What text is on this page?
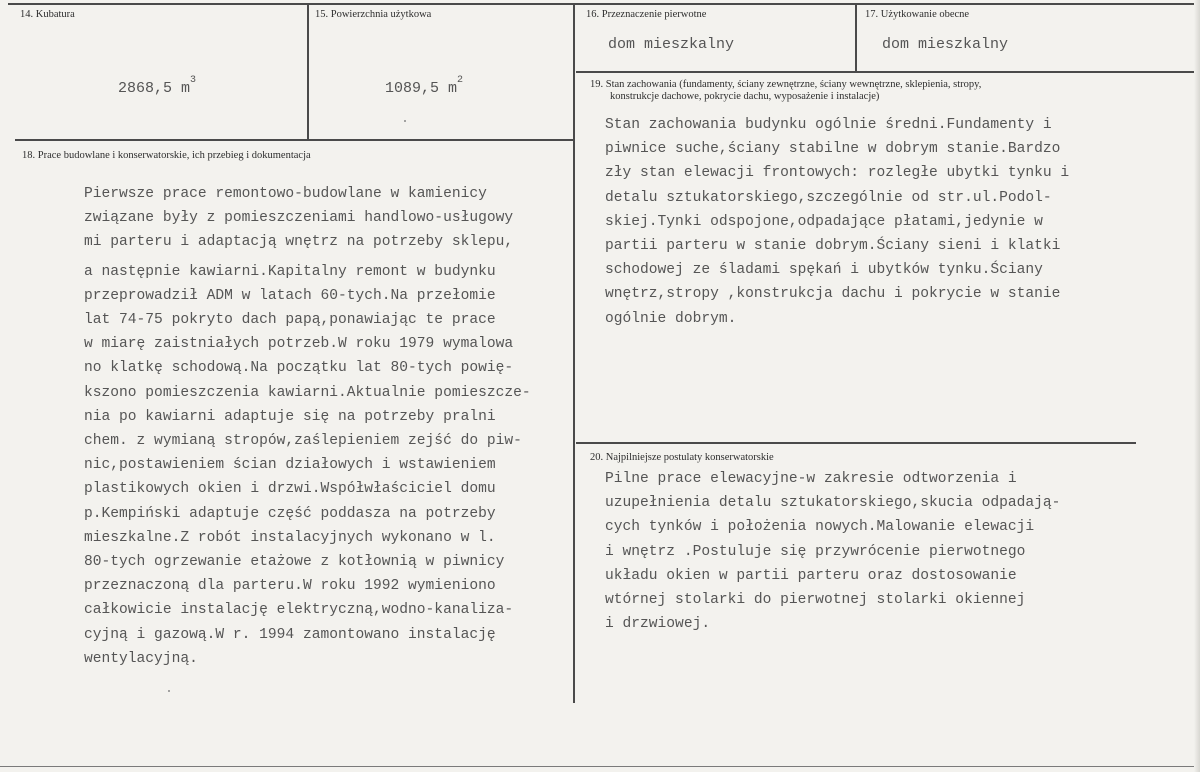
14. Kubatura
2868,5 $m^3$
15. Powierzchnia użytkowa
1089,5 $m^2$
16. Przeznaczenie pierwotne
dom mieszkalny
17. Użytkowanie obecne
dom mieszkalny
18. Prace budowlane i konserwatorskie, ich przebieg i dokumentacja
Pierwsze prace remontowo-budowlane w kamienicy
związane były z pomieszczeniami handlowo-usługowy
mi parteru i adaptacją wnętrz na potrzeby sklepu,
a następnie kawiarni.Kapitalny remont w budynku
przeprowadził ADM w latach 60-tych.Na przełomie
lat 74-75 pokryto dach papą,ponawiając te prace
w miarę zaistniałych potrzeb.W roku 1979 wymalowa
no klatkę schodową.Na początku lat 80-tych powię-
kszono pomieszczenia kawiarni.Aktualnie pomieszcze-
nia po kawiarni adaptuje się na potrzeby pralni
chem. z wymianą stropów,zaślepieniem zejść do piw-
nic,postawieniem ścian działowych i wstawieniem
plastikowych okien i drzwi.Współwłaściciel domu
p.Kempiński adaptuje część poddasza na potrzeby
mieszkalne.Z robót instalacyjnych wykonano w l.
80-tych ogrzewanie etażowe z kotłownią w piwnicy
przeznaczoną dla parteru.W roku 1992 wymieniono
całkowicie instalację elektryczną,wodno-kanaliza-
cyjną i gazową.W r. 1994 zamontowano instalację
wentylacyjną.
19. Stan zachowania (fundamenty, ściany zewnętrzne, ściany wewnętrzne, sklepienia, stropy,
konstrukcje dachowe, pokrycie dachu, wyposażenie i instalacje)
Stan zachowania budynku ogólnie średni.Fundamenty i
piwnice suche,ściany stabilne w dobrym stanie.Bardzo
zły stan elewacji frontowych: rozległe ubytki tynku i
detalu sztukatorskiego,szczególnie od str.ul.Podol-
skiej.Tynki odspojone,odpadające płatami,jedynie w
partii parteru w stanie dobrym.Ściany sieni i klatki
schodowej ze śladami spękań i ubytków tynku.Ściany
wnętrz,stropy ,konstrukcja dachu i pokrycie w stanie
ogólnie dobrym.
20. Najpilniejsze postulaty konserwatorskie
Pilne prace elewacyjne-w zakresie odtworzenia i
uzupełnienia detalu sztukatorskiego,skucia odpadają-
cych tynków i położenia nowych.Malowanie elewacji
i wnętrz .Postuluje się przywrócenie pierwotnego
układu okien w partii parteru oraz dostosowanie
wtórnej stolarki do pierwotnej stolarki okiennej
i drzwiowej.
